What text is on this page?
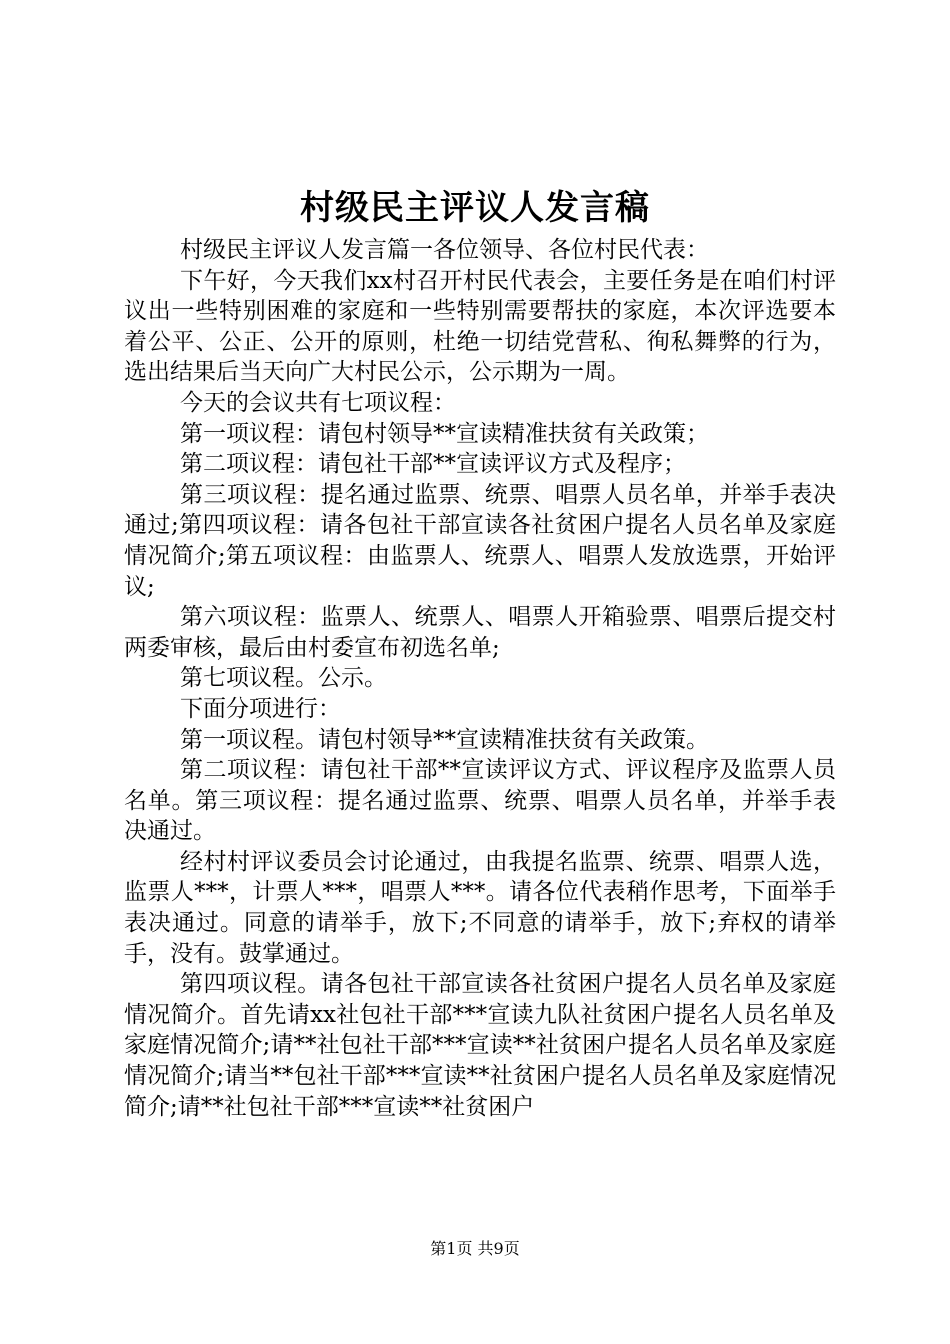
村级民主评议人发言稿

村级民主评议人发言篇一各位领导、各位村民代表：

下午好，今天我们xx村召开村民代表会，主要任务是在咱们村评议出一些特别困难的家庭和一些特别需要帮扶的家庭，本次评选要本着公平、公正、公开的原则，杜绝一切结党营私、徇私舞弊的行为，选出结果后当天向广大村民公示，公示期为一周。

今天的会议共有七项议程：

第一项议程：请包村领导**宣读精准扶贫有关政策；

第二项议程：请包社干部**宣读评议方式及程序；

第三项议程：提名通过监票、统票、唱票人员名单，并举手表决通过;第四项议程：请各包社干部宣读各社贫困户提名人员名单及家庭情况简介;第五项议程：由监票人、统票人、唱票人发放选票，开始评议;

第六项议程：监票人、统票人、唱票人开箱验票、唱票后提交村两委审核，最后由村委宣布初选名单;

第七项议程。公示。

下面分项进行：

第一项议程。请包村领导**宣读精准扶贫有关政策。

第二项议程：请包社干部**宣读评议方式、评议程序及监票人员名单。第三项议程：提名通过监票、统票、唱票人员名单，并举手表决通过。

经村村评议委员会讨论通过，由我提名监票、统票、唱票人选，监票人***，计票人***，唱票人***。请各位代表稍作思考，下面举手表决通过。同意的请举手，放下;不同意的请举手，放下;弃权的请举手，没有。鼓掌通过。

第四项议程。请各包社干部宣读各社贫困户提名人员名单及家庭情况简介。首先请xx社包社干部***宣读九队社贫困户提名人员名单及家庭情况简介;请**社包社干部***宣读**社贫困户提名人员名单及家庭情况简介;请当**包社干部***宣读**社贫困户提名人员名单及家庭情况简介;请**社包社干部***宣读**社贫困户

第1页 共9页
